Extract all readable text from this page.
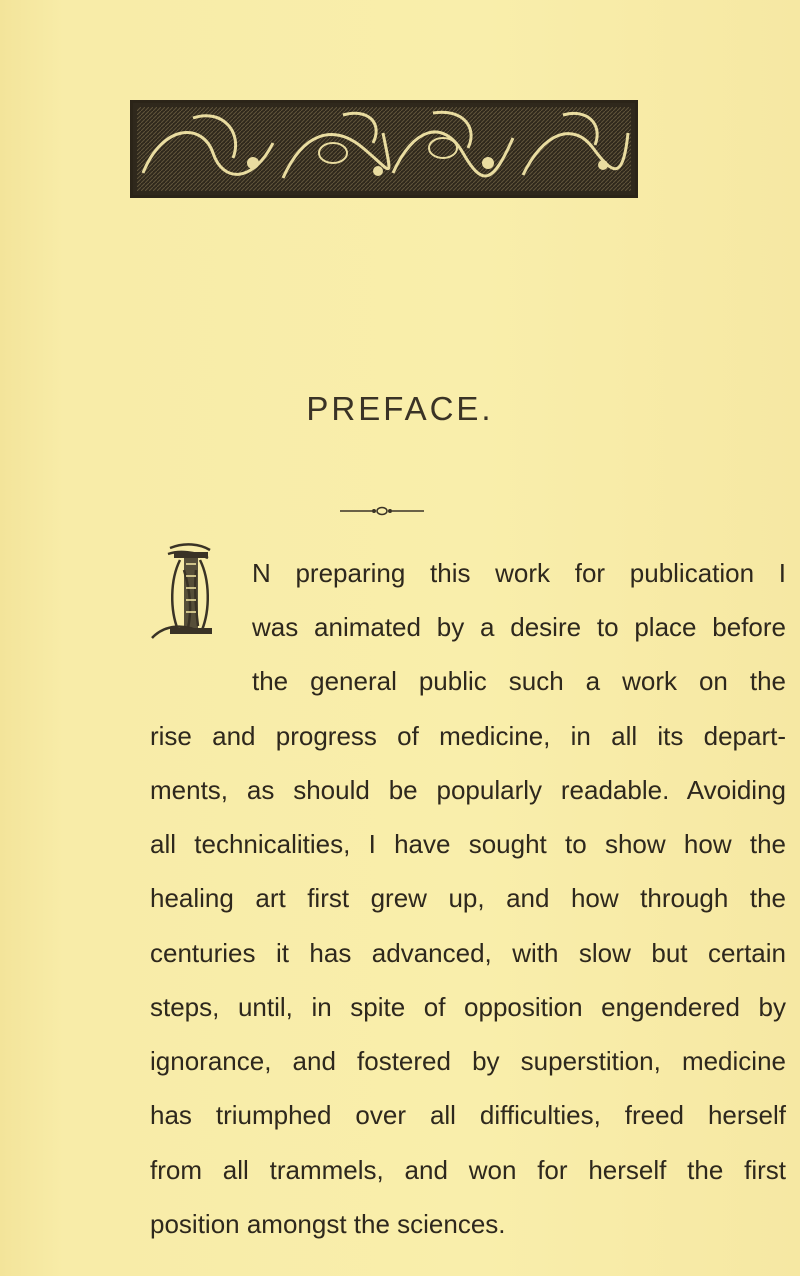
PREFACE.
N preparing this work for publication I
was animated by a desire to place before
the general public such a work on the
rise and progress of medicine, in all its depart-
ments, as should be popularly readable. Avoiding
all technicalities, I have sought to show how the
healing art first grew up, and how through the
centuries it has advanced, with slow but certain
steps, until, in spite of opposition engendered by
ignorance, and fostered by superstition, medicine
has triumphed over all difficulties, freed herself
from all trammels, and won for herself the first
position amongst the sciences.
